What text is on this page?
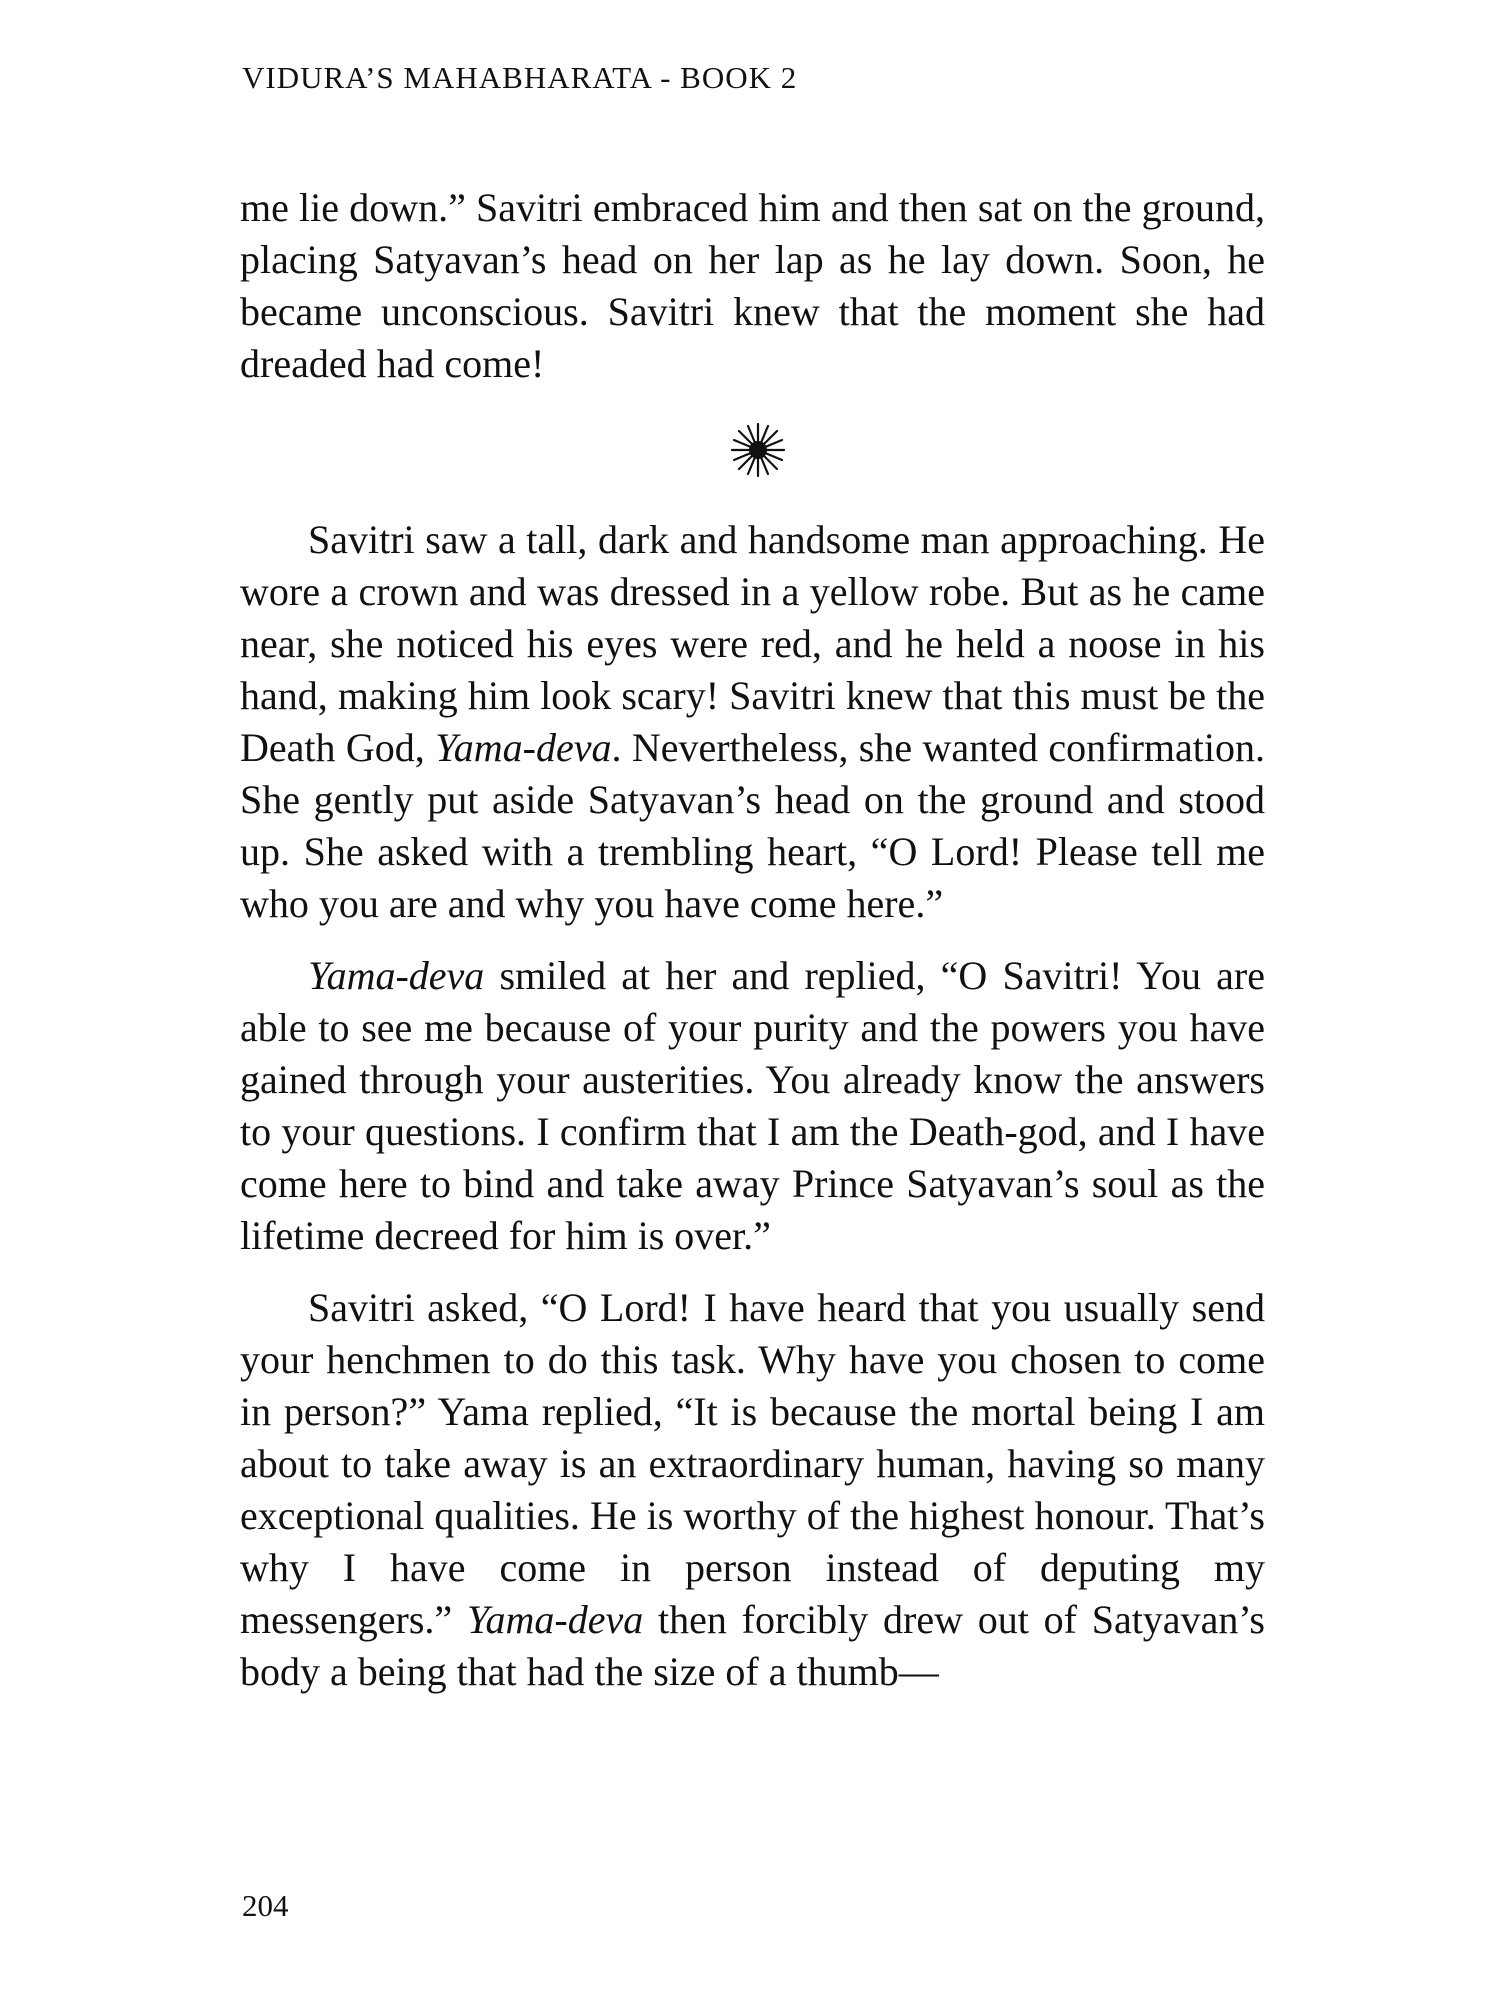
VIDURA’S MAHABHARATA - BOOK 2

me lie down.” Savitri embraced him and then sat on the ground, placing Satyavan’s head on her lap as he lay down. Soon, he became unconscious. Savitri knew that the moment she had dreaded had come!

Savitri saw a tall, dark and handsome man approaching. He wore a crown and was dressed in a yellow robe. But as he came near, she noticed his eyes were red, and he held a noose in his hand, making him look scary! Savitri knew that this must be the Death God, Yama-deva. Nevertheless, she wanted confirmation. She gently put aside Satyavan’s head on the ground and stood up. She asked with a trembling heart, “O Lord! Please tell me who you are and why you have come here.”

Yama-deva smiled at her and replied, “O Savitri! You are able to see me because of your purity and the powers you have gained through your austerities. You already know the answers to your questions. I confirm that I am the Death-god, and I have come here to bind and take away Prince Satyavan’s soul as the lifetime decreed for him is over.”

Savitri asked, “O Lord! I have heard that you usually send your henchmen to do this task. Why have you chosen to come in person?” Yama replied, “It is because the mortal being I am about to take away is an extraordinary human, having so many exceptional qualities. He is worthy of the highest honour. That’s why I have come in person instead of deputing my messengers.” Yama-deva then forcibly drew out of Satyavan’s body a being that had the size of a thumb—

204
